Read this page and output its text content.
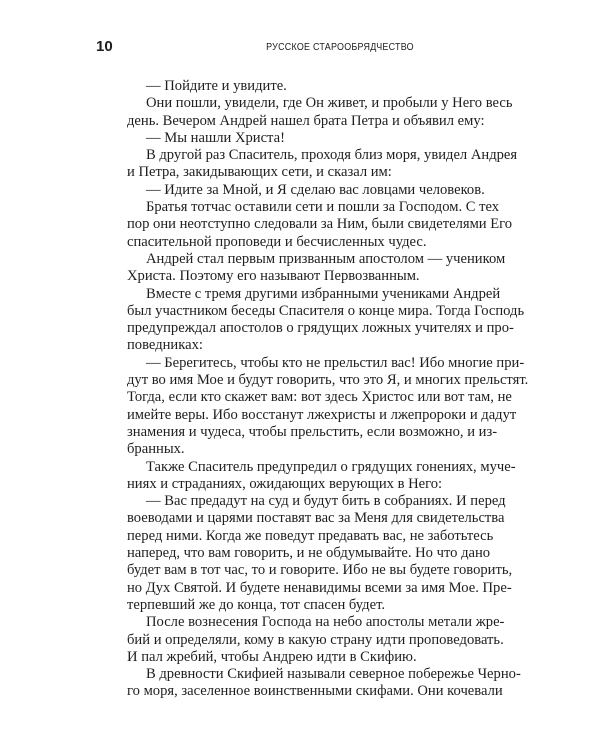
10	РУССКОЕ СТАРООБРЯДЧЕСТВО
— Пойдите и увидите.
Они пошли, увидели, где Он живет, и пробыли у Него весь
день. Вечером Андрей нашел брата Петра и объявил ему:
— Мы нашли Христа!
В другой раз Спаситель, проходя близ моря, увидел Андрея
и Петра, закидывающих сети, и сказал им:
— Идите за Мной, и Я сделаю вас ловцами человеков.
Братья тотчас оставили сети и пошли за Господом. С тех
пор они неотступно следовали за Ним, были свидетелями Его
спасительной проповеди и бесчисленных чудес.
Андрей стал первым призванным апостолом — учеником
Христа. Поэтому его называют Первозванным.
Вместе с тремя другими избранными учениками Андрей
был участником беседы Спасителя о конце мира. Тогда Господь
предупреждал апостолов о грядущих ложных учителях и про-
поведниках:
— Берегитесь, чтобы кто не прельстил вас! Ибо многие при-
дут во имя Мое и будут говорить, что это Я, и многих прельстят.
Тогда, если кто скажет вам: вот здесь Христос или вот там, не
имейте веры. Ибо восстанут лжехристы и лжепророки и дадут
знамения и чудеса, чтобы прельстить, если возможно, и из-
бранных.
Также Спаситель предупредил о грядущих гонениях, муче-
ниях и страданиях, ожидающих верующих в Него:
— Вас предадут на суд и будут бить в собраниях. И перед
воеводами и царями поставят вас за Меня для свидетельства
перед ними. Когда же поведут предавать вас, не заботьтесь
наперед, что вам говорить, и не обдумывайте. Но что дано
будет вам в тот час, то и говорите. Ибо не вы будете говорить,
но Дух Святой. И будете ненавидимы всеми за имя Мое. Пре-
терпевший же до конца, тот спасен будет.
После вознесения Господа на небо апостолы метали жре-
бий и определяли, кому в какую страну идти проповедовать.
И пал жребий, чтобы Андрею идти в Скифию.
В древности Скифией называли северное побережье Черно-
го моря, заселенное воинственными скифами. Они кочевали
